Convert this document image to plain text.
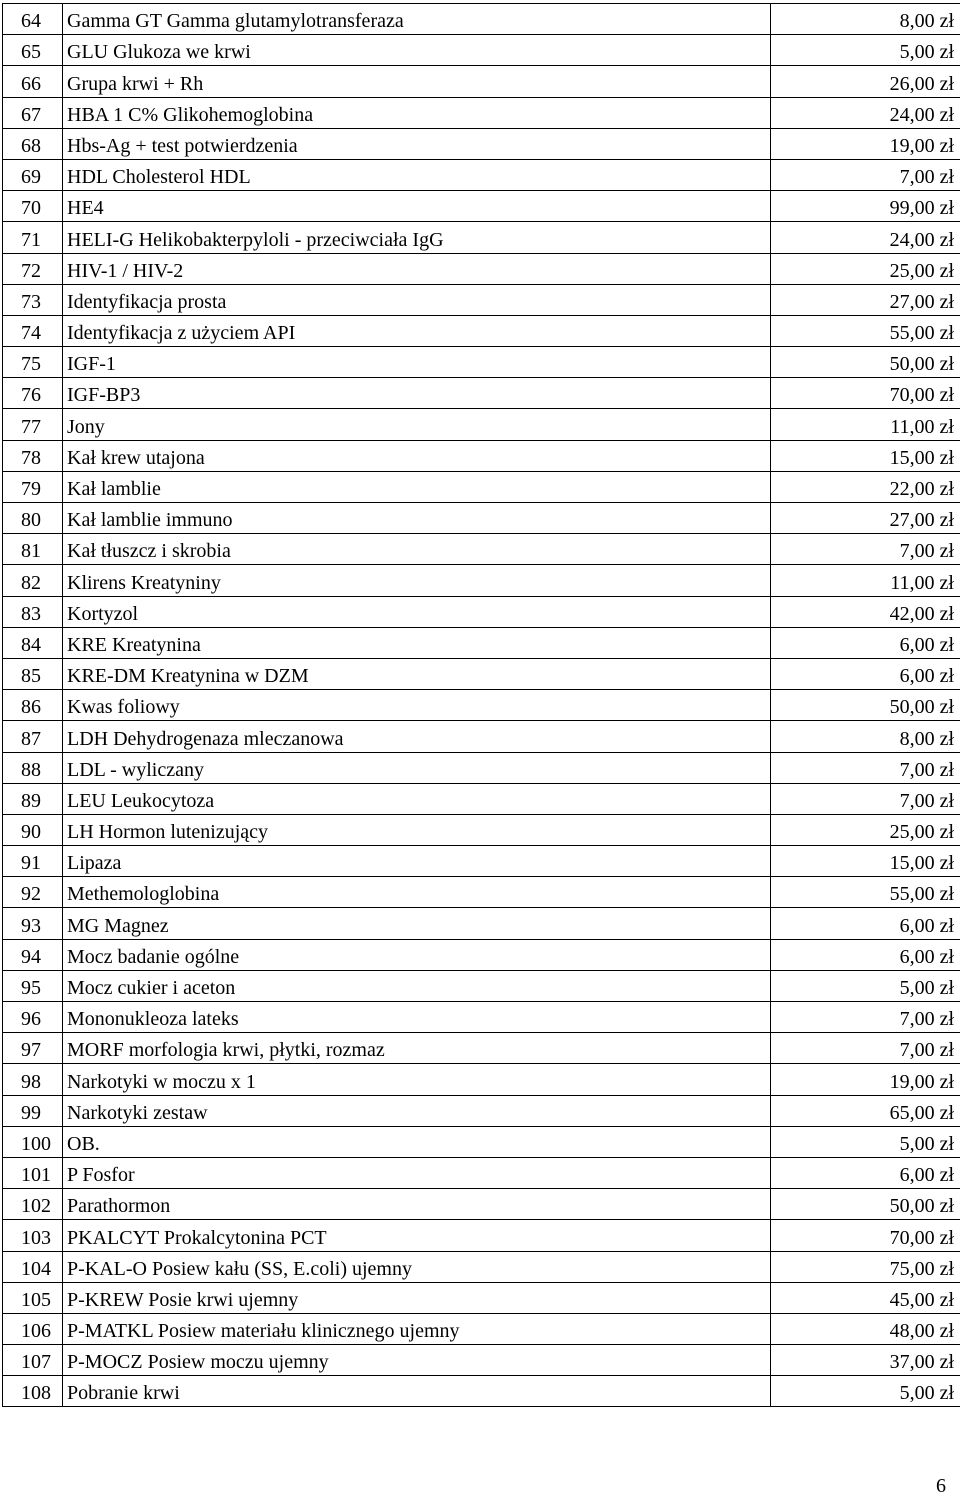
64	Gamma GT Gamma glutamylotransferaza	8,00 zł
65	GLU Glukoza we krwi	5,00 zł
66	Grupa krwi + Rh	26,00 zł
67	HBA 1 C% Glikohemoglobina	24,00 zł
68	Hbs-Ag + test potwierdzenia	19,00 zł
69	HDL Cholesterol HDL	7,00 zł
70	HE4	99,00 zł
71	HELI-G Helikobakterpyloli - przeciwciała IgG	24,00 zł
72	HIV-1 / HIV-2	25,00 zł
73	Identyfikacja prosta	27,00 zł
74	Identyfikacja z użyciem API	55,00 zł
75	IGF-1	50,00 zł
76	IGF-BP3	70,00 zł
77	Jony	11,00 zł
78	Kał krew utajona	15,00 zł
79	Kał lamblie	22,00 zł
80	Kał lamblie immuno	27,00 zł
81	Kał tłuszcz i skrobia	7,00 zł
82	Klirens Kreatyniny	11,00 zł
83	Kortyzol	42,00 zł
84	KRE Kreatynina	6,00 zł
85	KRE-DM Kreatynina w DZM	6,00 zł
86	Kwas foliowy	50,00 zł
87	LDH Dehydrogenaza mleczanowa	8,00 zł
88	LDL - wyliczany	7,00 zł
89	LEU Leukocytoza	7,00 zł
90	LH Hormon lutenizujący	25,00 zł
91	Lipaza	15,00 zł
92	Methemologlobina	55,00 zł
93	MG Magnez	6,00 zł
94	Mocz badanie ogólne	6,00 zł
95	Mocz cukier i aceton	5,00 zł
96	Mononukleoza lateks	7,00 zł
97	MORF morfologia krwi, płytki, rozmaz	7,00 zł
98	Narkotyki w moczu x 1	19,00 zł
99	Narkotyki zestaw	65,00 zł
100	OB.	5,00 zł
101	P Fosfor	6,00 zł
102	Parathormon	50,00 zł
103	PKALCYT Prokalcytonina PCT	70,00 zł
104	P-KAL-O Posiew kału (SS, E.coli) ujemny	75,00 zł
105	P-KREW Posie krwi ujemny	45,00 zł
106	P-MATKL Posiew materiału klinicznego ujemny	48,00 zł
107	P-MOCZ Posiew moczu ujemny	37,00 zł
108	Pobranie krwi	5,00 zł
6
